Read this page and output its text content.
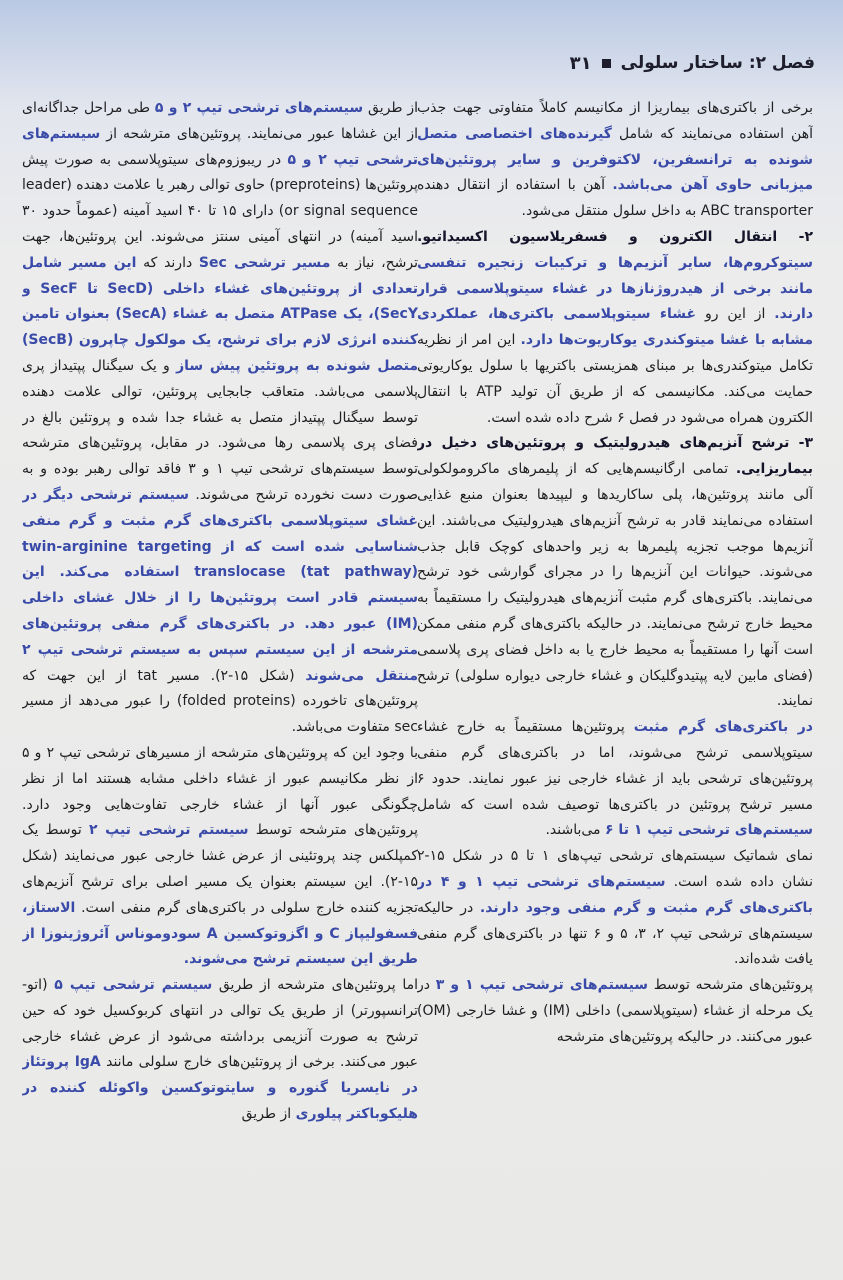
فصل ۲: ساختار سلولی
۳۱

برخی از باکتری‌های بیماریزا از مکانیسم کاملاً متفاوتی جهت جذب آهن استفاده می‌نمایند که شامل گیرنده‌های اختصاصی متصل شونده به ترانسفرین، لاکتوفرین و سایر پروتئین‌های میزبانی حاوی آهن می‌باشد. آهن با استفاده از انتقال دهنده ABC transporter به داخل سلول منتقل می‌شود.

۲- انتقال الکترون و فسفریلاسیون اکسیداتیو. سیتوکروم‌ها، سایر آنزیم‌ها و ترکیبات زنجیره تنفسی مانند برخی از هیدروژنازها در غشاء سیتوپلاسمی قرار دارند. از این رو غشاء سیتوپلاسمی باکتری‌ها، عملکردی مشابه با غشا میتوکندری یوکاریوت‌ها دارد. این امر از نظریه تکامل میتوکندری‌ها بر مبنای همزیستی باکتریها با سلول یوکاریوتی حمایت می‌کند. مکانیسمی که از طریق آن تولید ATP با انتقال الکترون همراه می‌شود در فصل ۶ شرح داده شده است.

۳- ترشح آنزیم‌های هیدرولیتیک و پروتئین‌های دخیل در بیماریزایی. تمامی ارگانیسم‌هایی که از پلیمرهای ماکرومولکولی آلی مانند پروتئین‌ها، پلی ساکاریدها و لیپیدها بعنوان منبع غذایی استفاده می‌نمایند قادر به ترشح آنزیم‌های هیدرولیتیک می‌باشند. این آنزیم‌ها موجب تجزیه پلیمرها به زیر واحدهای کوچک قابل جذب می‌شوند. حیوانات این آنزیم‌ها را در مجرای گوارشی خود ترشح می‌نمایند. باکتری‌های گرم مثبت آنزیم‌های هیدرولیتیک را مستقیماً به محیط خارج ترشح می‌نمایند. در حالیکه باکتری‌های گرم منفی ممکن است آنها را مستقیماً به محیط خارج یا به داخل فضای پری پلاسمی (فضای مابین لایه پپتیدوگلیکان و غشاء خارجی دیواره سلولی) ترشح نمایند.

در باکتری‌های گرم مثبت پروتئین‌ها مستقیماً به خارج غشاء سیتوپلاسمی ترشح می‌شوند، اما در باکتری‌های گرم منفی پروتئین‌های ترشحی باید از غشاء خارجی نیز عبور نمایند. حدود ۶ مسیر ترشح پروتئین در باکتری‌ها توصیف شده است که شامل سیستم‌های ترشحی تیپ ۱ تا ۶ می‌باشند.

نمای شماتیک سیستم‌های ترشحی تیپ‌های ۱ تا ۵ در شکل ۱۵-۲ نشان داده شده است. سیستم‌های ترشحی تیپ ۱ و ۴ در باکتری‌های گرم مثبت و گرم منفی وجود دارند. در حالیکه سیستم‌های ترشحی تیپ ۲، ۳، ۵ و ۶ تنها در باکتری‌های گرم منفی یافت شده‌اند.

پروتئین‌های مترشحه توسط سیستم‌های ترشحی تیپ ۱ و ۳ در یک مرحله از غشاء (سیتوپلاسمی) داخلی (IM) و غشا خارجی (OM) عبور می‌کنند. در حالیکه پروتئین‌های مترشحه

از طریق سیستم‌های ترشحی تیپ ۲ و ۵ طی مراحل جداگانه‌ای از این غشاها عبور می‌نمایند. پروتئین‌های مترشحه از سیستم‌های ترشحی تیپ ۲ و ۵ در ریبوزوم‌های سیتوپلاسمی به صورت پیش پروتئین‌ها (preproteins) حاوی توالی رهبر یا علامت دهنده (leader or signal sequence) دارای ۱۵ تا ۴۰ اسید آمینه (عموماً حدود ۳۰ اسید آمینه) در انتهای آمینی سنتز می‌شوند. این پروتئین‌ها، جهت ترشح، نیاز به مسیر ترشحی Sec دارند که این مسیر شامل تعدادی از پروتئین‌های غشاء داخلی (SecD تا SecF و SecY)، یک ATPase متصل به غشاء (SecA) بعنوان تامین کننده انرژی لازم برای ترشح، یک مولکول چاپرون (SecB) متصل شونده به پروتئین پیش ساز و یک سیگنال پپتیداز پری پلاسمی می‌باشد. متعاقب جابجایی پروتئین، توالی علامت دهنده توسط سیگنال پپتیداز متصل به غشاء جدا شده و پروتئین بالغ در فضای پری پلاسمی رها می‌شود. در مقابل، پروتئین‌های مترشحه توسط سیستم‌های ترشحی تیپ ۱ و ۳ فاقد توالی رهبر بوده و به صورت دست نخورده ترشح می‌شوند. سیستم ترشحی دیگر در غشای سیتوپلاسمی باکتری‌های گرم مثبت و گرم منفی شناسایی شده است که از twin-arginine targeting translocase (tat pathway) استفاده می‌کند. این سیستم قادر است پروتئین‌ها را از خلال غشای داخلی (IM) عبور دهد. در باکتری‌های گرم منفی پروتئین‌های مترشحه از این سیستم سپس به سیستم ترشحی تیپ ۲ منتقل می‌شوند (شکل ۱۵-۲). مسیر tat از این جهت که پروتئین‌های تاخورده (folded proteins) را عبور می‌دهد از مسیر sec متفاوت می‌باشد.

با وجود این که پروتئین‌های مترشحه از مسیرهای ترشحی تیپ ۲ و ۵ از نظر مکانیسم عبور از غشاء داخلی مشابه هستند اما از نظر چگونگی عبور آنها از غشاء خارجی تفاوت‌هایی وجود دارد. پروتئین‌های مترشحه توسط سیستم ترشحی تیپ ۲ توسط یک کمپلکس چند پروتئینی از عرض غشا خارجی عبور می‌نمایند (شکل ۱۵-۲). این سیستم بعنوان یک مسیر اصلی برای ترشح آنزیم‌های تجزیه کننده خارج سلولی در باکتری‌های گرم منفی است. الاستاز، فسفولیپاز C و اگزوتوکسین A سودوموناس آئروژینوزا از طریق این سیستم ترشح می‌شوند.

اما پروتئین‌های مترشحه از طریق سیستم ترشحی تیپ ۵ (اتو-ترانسپورتر) از طریق یک توالی در انتهای کربوکسیل خود که حین ترشح به صورت آنزیمی برداشته می‌شود از عرض غشاء خارجی عبور می‌کنند. برخی از پروتئین‌های خارج سلولی مانند IgA پروتئاز در نایسریا گنوره و سایتوتوکسین واکوئله کننده در هلیکوباکتر پیلوری از طریق
